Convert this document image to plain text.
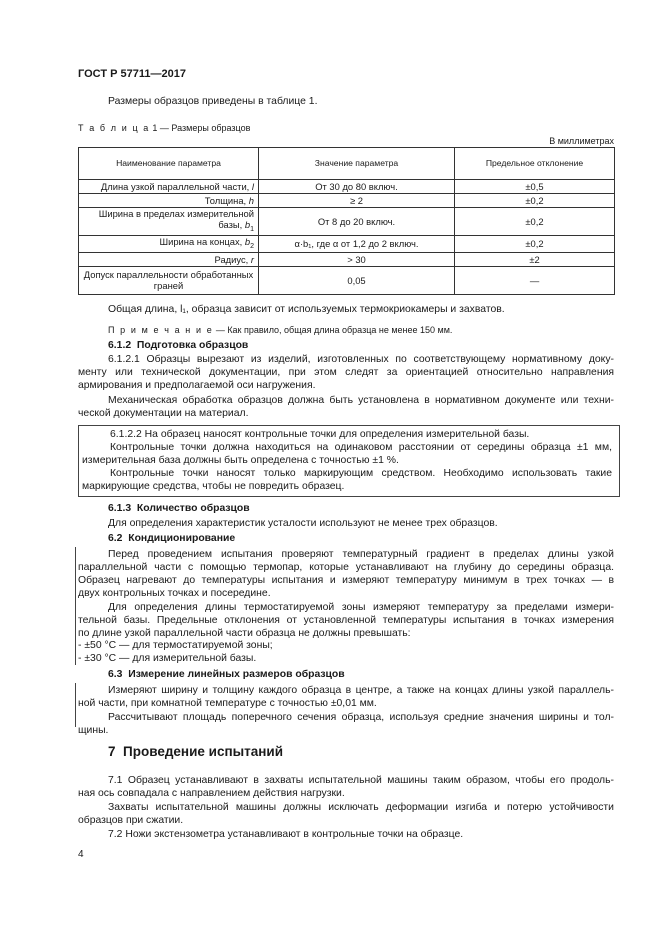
ГОСТ Р 57711—2017
Размеры образцов приведены в таблице 1.
Т а б л и ц а 1 — Размеры образцов
В миллиметрах
Наименование параметра	Значение параметра	Предельное отклонение
Длина узкой параллельной части, l	От 30 до 80 включ.	±0,5
Толщина, h	≥ 2	±0,2
Ширина в пределах измерительной базы, $b_1$	От 8 до 20 включ.	±0,2
Ширина на концах, $b_2$	α·b₁, где α от 1,2 до 2 включ.	±0,2
Радиус, r	> 30	±2
Допуск параллельности обработанных граней	0,05	—
Общая длина, l₁, образца зависит от используемых термокриокамеры и захватов.
П р и м е ч а н и е — Как правило, общая длина образца не менее 150 мм.
6.1.2 Подготовка образцов
6.1.2.1 Образцы вырезают из изделий, изготовленных по соответствующему нормативному доку-
менту или технической документации, при этом следят за ориентацией относительно направления
армирования и предполагаемой оси нагружения.
Механическая обработка образцов должна быть установлена в нормативном документе или техни-
ческой документации на материал.
6.1.2.2 На образец наносят контрольные точки для определения измерительной базы.
Контрольные точки должна находиться на одинаковом расстоянии от середины образца ±1 мм,
измерительная база должны быть определена с точностью ±1 %.
Контрольные точки наносят только маркирующим средством. Необходимо использовать такие
маркирующие средства, чтобы не повредить образец.
6.1.3 Количество образцов
Для определения характеристик усталости используют не менее трех образцов.
6.2 Кондиционирование
Перед проведением испытания проверяют температурный градиент в пределах длины узкой
параллельной части с помощью термопар, которые устанавливают на глубину до середины образца.
Образец нагревают до температуры испытания и измеряют температуру минимум в трех точках — в
двух контрольных точках и посередине.
Для определения длины термостатируемой зоны измеряют температуру за пределами измери-
тельной базы. Предельные отклонения от установленной температуры испытания в точках измерения
по длине узкой параллельной части образца не должны превышать:
- ±50 °С — для термостатируемой зоны;
- ±30 °С — для измерительной базы.
6.3 Измерение линейных размеров образцов
Измеряют ширину и толщину каждого образца в центре, а также на концах длины узкой параллель-
ной части, при комнатной температуре с точностью ±0,01 мм.
Рассчитывают площадь поперечного сечения образца, используя средние значения ширины и тол-
щины.
7 Проведение испытаний
7.1 Образец устанавливают в захваты испытательной машины таким образом, чтобы его продоль-
ная ось совпадала с направлением действия нагрузки.
Захваты испытательной машины должны исключать деформации изгиба и потерю устойчивости
образцов при сжатии.
7.2 Ножи экстензометра устанавливают в контрольные точки на образце.
4
